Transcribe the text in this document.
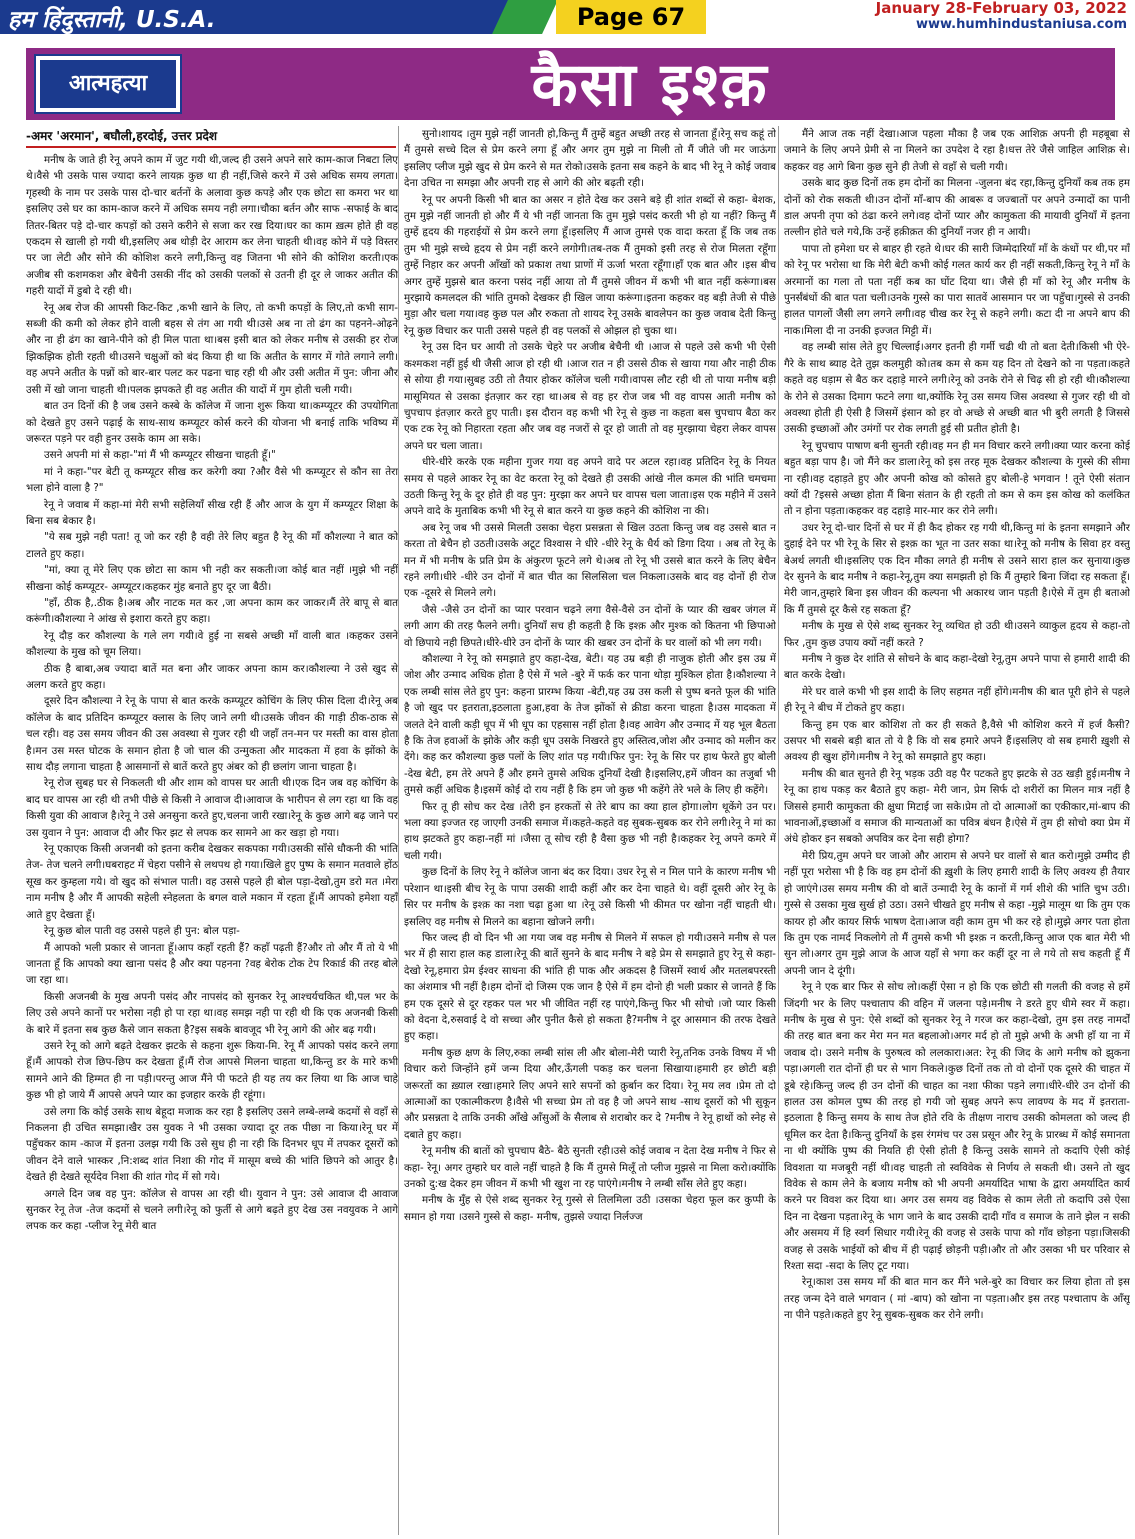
हम हिंदुस्तानी, U.S.A.	Page 67	January 28-February 03, 2022
www.humhindustaniusa.com
आत्महत्या	कैसा इश्क़
-अमर 'अरमान', बघौली,हरदोई, उत्तर प्रदेश

मनीष के जाते ही रेनू अपने काम में जुट गयी थी,जल्द ही उसने अपने सारे काम-काज निबटा लिए थे।वैसे भी उसके पास ज्यादा करने लायक़ कुछ था ही नहीं,जिसे करने में उसे अधिक समय लगता।गृहस्थी के नाम पर उसके पास दो-चार बर्तनों के अलावा कुछ कपड़े और एक छोटा सा कमरा भर था इसलिए उसे घर का काम-काज करने में अधिक समय नही लगा।चौका बर्तन और साफ -सफाई के बाद तितर-बितर पड़े दो-चार कपड़ों को उसने करीने से सजा कर रख दिया।घर का काम ख़त्म होते ही वह एकदम से खाली हो गयी थी,इसलिए अब थोड़ी देर आराम कर लेना चाहती थी।वह कोने में पड़े विस्तर पर जा लेटी और सोने की कोशिश करने लगी,किन्तु वह जितना भी सोने की कोशिश करती।एक अजीब सी कशमकश और बेचैनी उसकी नींद को उसकी पलकों से उतनी ही दूर ले जाकर अतीत की गहरी यादों में डुबो दे रही थी।

रेनू अब रोज की आपसी किट-किट ,कभी खाने के लिए, तो कभी कपड़ों के लिए,तो कभी साग-सब्जी की कमी को लेकर होने वाली बहस से तंग आ गयी थी।उसे अब ना तो ढंग का पहनने-ओढ़ने और ना ही ढंग का खाने-पीने को ही मिल पाता था।बस इसी बात को लेकर मनीष से उसकी हर रोज झिकझिक होती रहती थी।उसने चक्षुओं को बंद किया ही था कि अतीत के सागर में गोते लगाने लगी।वह अपने अतीत के पन्नों को बार-बार पलट कर पढना चाह रही थी और उसी अतीत में पुन: जीना और उसी में खो जाना चाहती थी।पलक झपकते ही वह अतीत की यादों में गुम होती चली गयी।

बात उन दिनों की है जब उसने कस्बे के कॉलेज में जाना शुरू किया था।कम्प्यूटर की उपयोगिता को देखते हुए उसने पढ़ाई के साथ-साथ कम्प्यूटर कोर्स करने की योजना भी बनाई ताकि भविष्य में जरूरत पड़ने पर वही हुनर उसके काम आ सके।

उसने अपनी मां से कहा-"मां मैं भी कम्प्यूटर सीखना चाहती हूँ।"

मां ने कहा-"पर बेटी तू कम्प्यूटर सीख कर करेगी क्या ?और वैसे भी कम्प्यूटर से कौन सा तेरा भला होने वाला है ?"

रेनू ने जवाब में कहा-मां मेरी सभी सहेलियाँ सीख रही हैं और आज के युग में कम्प्यूटर शिक्षा के बिना सब बेकार है।

"ये सब मुझे नही पता! तू जो कर रही है वही तेरे लिए बहुत है रेनू की माँ कौशल्या ने बात को टालते हुए कहा।

"मां, क्या तू मेरे लिए एक छोटा सा काम भी नही कर सकती।जा कोई बात नहीं ।मुझे भी नहीं सीखना कोई कम्प्यूटर- अम्प्यूटर।कहकर मुंह बनाते हुए दूर जा बैठी।

"हाँ, ठीक है,.ठीक है।अब और नाटक मत कर ,जा अपना काम कर जाकर।मैं तेरे बापू से बात करूंगी।कौशल्या ने आंख से इशारा करते हुए कहा।

रेनू दौड़ कर कौशल्या के गले लग गयी।वे हुई ना सबसे अच्छी माँ वाली बात ।कहकर उसने कौशल्या के मुख को चूम लिया।

ठीक है बाबा,अब ज्यादा बातें मत बना और जाकर अपना काम कर।कौशल्या ने उसे खुद से अलग करते हुए कहा।

दूसरे दिन कौशल्या ने रेनू के पापा से बात करके कम्प्यूटर कोचिंग के लिए फीस दिला दी।रेनू अब कॉलेज के बाद प्रतिदिन कम्प्यूटर क्लास के लिए जाने लगी थी।उसके जीवन की गाड़ी ठीक-ठाक से चल रही। वह उस समय जीवन की उस अवस्था से गुजर रही थी जहाँ तन-मन पर मस्ती का वास होता है।मन उस मस्त घोटक के समान होता है जो चाल की उन्मुकता और मादकता में हवा के झोंको के साथ दौड़ लगाना चाहता है आसमानों से बातें करते हुए अंबर को ही छलांग जाना चाहता है।

रेनू रोज सुबह घर से निकलती थी और शाम को वापस घर आती थी।एक दिन जब वह कोचिंग के बाद घर वापस आ रही थी तभी पीछे से किसी ने आवाज दी।आवाज के भारीपन से लग रहा था कि वह किसी युवा की आवाज है।रेनू ने उसे अनसुना करते हुए,चलना जारी रखा।रेनू के कुछ आगे बढ़ जाने पर उस युवान ने पुन: आवाज दी और फिर झट से लपक कर सामने आ कर खड़ा हो गया।

रेनू एकाएक किसी अजनबी को इतना करीब देखकर सकपका गयी।उसकी साँसे धौकनी की भांति तेज- तेज चलने लगी।घबराहट में चेहरा पसीने से लथपथ हो गया।खिले हुए पुष्प के समान मतवाले होंठ सूख कर कुम्हला गये। वो खुद को संभाल पाती। वह उससे पहले ही बोल पड़ा-देखो,तुम डरो मत ।मेरा नाम मनीष है और मैं आपकी सहेली स्नेहलता के बगल वाले मकान में रहता हूँ।मैं आपको हमेशा यहाँ आते हुए देखता हूँ।

रेनू कुछ बोल पाती वह उससे पहले ही पुन: बोल पड़ा-

मैं आपको भली प्रकार से जानता हूँ।आप कहाँ रहती हैं? कहाँ पढ़ती हैं?और तो और मैं तो ये भी जानता हूँ कि आपको क्या खाना पसंद है और क्या पहनना ?वह बेरोक टोक टेप रिकार्ड की तरह बोले जा रहा था।

किसी अजनबी के मुख अपनी पसंद और नापसंद को सुनकर रेनू आश्चर्यचकित थी,पल भर के लिए उसे अपने कानों पर भरोसा नही हो पा रहा था।वह समझ नही पा रही थी कि एक अजनबी किसी के बारे में इतना सब कुछ कैसे जान सकता है?इस सबके बावजूद भी रेनू आगे की ओर बढ़ गयी।

उसने रेनू को आगे बढ़ते देखकर झटके से कहना शुरू किया-मि. रेनू मैं आपको पसंद करने लगा हूँ।मैं आपको रोज छिप-छिप कर देखता हूँ।मैं रोज आपसे मिलना चाहता था,किन्तु डर के मारे कभी सामने आने की हिम्मत ही ना पड़ी।परन्तु आज मैंने पी फटते ही यह तय कर लिया था कि आज चाहे कुछ भी हो जाये मैं आपसे अपने प्यार का इजहार करके ही रहूंगा।

उसे लगा कि कोई उसके साथ बेहूदा मजाक कर रहा है इसलिए उसने लम्बे-लम्बे कदमों से वहाँ से निकलना ही उचित समझा।खैर उस युवक ने भी उसका ज्यादा दूर तक पीछा ना किया।रेनू घर में पहुँचकर काम -काज में इतना उलझ गयी कि उसे सुध ही ना रही कि दिनभर धूप में तपकर दूसरों को जीवन देने वाले भास्कर ,नि:शब्द शांत निशा की गोद में मासूम बच्चे की भांति छिपने को आतुर है।देखते ही देखते सूर्यदेव निशा की शांत गोद में सो गये।

अगले दिन जब वह पुन: कॉलेज से वापस आ रही थी। युवान ने पुन: उसे आवाज दी आवाज सुनकर रेनू तेज -तेज कदमों से चलने लगी।रेनू को फुर्ती से आगे बढ़ते हुए देख उस नवयुवक ने आगे लपक कर कहा -प्लीज रेनू मेरी बात

सुनो।शायद ।तुम मुझे नहीं जानती हो,किन्तु मैं तुम्हें बहुत अच्छी तरह से जानता हूँ।रेनू सच कहूं तो मैं तुमसे सच्चे दिल से प्रेम करने लगा हूँ और अगर तुम मुझे ना मिली तो मैं जीते जी मर जाऊंगा इसलिए प्लीज मुझे खुद से प्रेम करने से मत रोको।उसके इतना सब कहने के बाद भी रेनू ने कोई जवाब देना उचित ना समझा और अपनी राह से आगे की ओर बढ़ती रही।

रेनू पर अपनी किसी भी बात का असर न होते देख कर उसने बड़े ही शांत शब्दों से कहा- बेशक, तुम मुझे नहीं जानती हो और मैं ये भी नहीं जानता कि तुम मुझे पसंद करती भी हो या नहीं? किन्तु मैं तुम्हें हृदय की गहराईयों से प्रेम करने लगा हूँ।इसलिए मैं आज तुमसे एक वादा करता हूँ कि जब तक तुम भी मुझे सच्चे हृदय से प्रेम नहीं करने लगोगी।तब-तक मैं तुमको इसी तरह से रोज मिलता रहूँगा तुम्हें निहार कर अपनी आँखों को प्रकाश तथा प्राणों में ऊर्जा भरता रहूँगा।हाँ एक बात और ।इस बीच अगर तुम्हें मुझसे बात करना पसंद नहीं आया तो मैं तुमसे जीवन में कभी भी बात नहीं करूंगा।बस मुरझाये कमलदल की भांति तुमको देखकर ही खिल जाया करूंगा।इतना कहकर वह बड़ी तेजी से पीछे मुड़ा और चला गया।वह कुछ पल और रुकता तो शायद रेनू उसके बावलेपन का कुछ जवाब देती किन्तु रेनू कुछ विचार कर पाती उससे पहले ही वह पलकों से ओझल हो चुका था।

रेनू उस दिन घर आयी तो उसके चेहरे पर अजीब बेचैनी थी ।आज से पहले उसे कभी भी ऐसी कश्मकश नहीं हुई थी जैसी आज हो रही थी ।आज रात न ही उससे ठीक से खाया गया और नाही ठीक से सोया ही गया।सुबह उठी तो तैयार होकर कॉलेज चली गयी।वापस लौट रही थी तो पाया मनीष बड़ी मासूमियत से उसका इंतज़ार कर रहा था।अब से वह हर रोज जब भी वह वापस आती मनीष को चुपचाप इंतज़ार करते हुए पाती। इस दौरान वह कभी भी रेनू से कुछ ना कहता बस चुपचाप बैठा कर एक टक रेनू को निहारता रहता और जब वह नजरों से दूर हो जाती तो वह मुरझाया चेहरा लेकर वापस अपने घर चला जाता।

धीरे-धीरे करके एक महीना गुजर गया वह अपने वादे पर अटल रहा।वह प्रतिदिन रेनू के नियत समय से पहले आकर रेनू का वेट करता रेनू को देखते ही उसकी आंखे नील कमल की भांति चमचमा उठती किन्तु रेनू के दूर होते ही वह पुन: मुरझा कर अपने घर वापस चला जाता।इस एक महीने में उसने अपने वादे के मुताबिक कभी भी रेनू से बात करने या कुछ कहने की कोशिश ना की।

अब रेनू जब भी उससे मिलती उसका चेहरा प्रसन्नता से खिल उठता किन्तु जब वह उससे बात न करता तो बेचैन हो उठती।उसके अटूट विश्वास ने धीरे -धीरे रेनू के धैर्य को डिगा दिया । अब तो रेनू के मन में भी मनीष के प्रति प्रेम के अंकुरण फूटने लगे थे।अब तो रेनू भी उससे बात करने के लिए बेचैन रहने लगी।धीरे -धीरे उन दोनों में बात चीत का सिलसिला चल निकला।उसके बाद वह दोनों ही रोज एक -दूसरे से मिलने लगे।

जैसे -जैसे उन दोनों का प्यार परवान चढ़ने लगा वैसे-वैसे उन दोनों के प्यार की खबर जंगल में लगी आग की तरह फैलने लगी। दुनियाँ सच ही कहती है कि इश्क़ और मुश्क को कितना भी छिपाओ वो छिपाये नही छिपते।धीरे-धीरे उन दोनों के प्यार की खबर उन दोनों के घर वालों को भी लग गयी।

कौशल्या ने रेनू को समझाते हुए कहा-देख, बेटी। यह उम्र बड़ी ही नाजुक होती और इस उम्र में जोश और उन्माद अधिक होता है ऐसे में भले -बुरे में फर्क कर पाना थोड़ा मुश्किल होता है।कौशल्या ने एक लम्बी सांस लेते हुए पुन: कहना प्रारम्भ किया -बेटी,यह उम्र उस कली से पुष्प बनते फूल की भांति है जो खुद पर इतराता,इठलाता हुआ,हवा के तेज झोंकों से क्रीडा करना चाहता है।उस मादकता में जलते देने वाली कड़ी धूप में भी धूप का एहसास नहीं होता है।वह आवेग और उन्माद में यह भूल बैठता है कि तेज हवाओं के झोके और कड़ी धूप उसके निखरते हुए अस्तित्व,जोश और उन्माद को मलीन कर देंगे। कह कर कौशल्या कुछ पलों के लिए शांत पड़ गयी।फिर पुन: रेनू के सिर पर हाथ फेरते हुए बोली -देख बेटी, हम तेरे अपने हैं और हमने तुमसे अधिक दुनियाँ देखी है।इसलिए,हमें जीवन का तजुर्बा भी तुमसे कहीं अधिक है।इसमें कोई दो राय नहीं है कि हम जो कुछ भी कहेंगे तेरे भले के लिए ही कहेंगे।

फिर तू ही सोच कर देख ।तेरी इन हरकतों से तेरे बाप का क्या हाल होगा।लोग थूकेंगे उन पर। भला क्या इज्जत रह जाएगी उनकी समाज में।कहते-कहते वह सुबक-सुबक कर रोने लगी।रेनू ने मां का हाथ झटकते हुए कहा-नहीं मां ।जैसा तू सोच रही है वैसा कुछ भी नही है।कहकर रेनू अपने कमरे में चली गयी।

कुछ दिनों के लिए रेनू ने कॉलेज जाना बंद कर दिया। उधर रेनू से न मिल पाने के कारण मनीष भी परेशान था।इसी बीच रेनू के पापा उसकी शादी कहीं और कर देना चाहते थे। वहीं दूसरी ओर रेनू के सिर पर मनीष के इश्क़ का नशा चढ़ा हुआ था ।रेनू उसे किसी भी कीमत पर खोना नहीं चाहती थी।इसलिए वह मनीष से मिलने का बहाना खोजने लगी।

फिर जल्द ही वो दिन भी आ गया जब वह मनीष से मिलने में सफल हो गयी।उसने मनीष से पल भर में ही सारा हाल कह डाला।रेनू की बातें सुनने के बाद मनीष ने बड़े प्रेम से समझाते हुए रेनू से कहा-देखो रेनू,हमारा प्रेम ईश्वर साधना की भांति ही पाक और अकदस है जिसमें स्वार्थ और मतलबपरस्ती का अंशमात्र भी नहीं है।हम दोनों दो जिस्म एक जान है ऐसे में हम दोनो ही भली प्रकार से जानते हैं कि हम एक दूसरे से दूर रहकर पल भर भी जीवित नहीं रह पाएंगे,किन्तु फिर भी सोचो ।जो प्यार किसी को वेदना दे,रुसवाई दे वो सच्चा और पुनीत कैसे हो सकता है?मनीष ने दूर आसमान की तरफ देखते हुए कहा।

मनीष कुछ क्षण के लिए,रुका लम्बी सांस ली और बोला-मेरी प्यारी रेनू,तनिक उनके विषय में भी विचार करो जिन्होंने हमें जन्म दिया और,ऊँगली पकड़ कर चलना सिखाया।हमारी हर छोटी बड़ी जरूरतों का ख़्याल रखा।हमारे लिए अपने सारे सपनों को क़ुर्बान कर दिया। रेनू मय लव ।प्रेम तो दो आत्माओं का एकात्मीकरण है।वैसे भी सच्चा प्रेम तो वह है जो अपने साथ -साथ दूसरों को भी सुकून और प्रसन्नता दे ताकि उनकी आँखे आँसुओं के सैलाब से शराबोर कर दे ?मनीष ने रेनू हाथों को स्नेह से दबाते हुए कहा।

रेनू मनीष की बातों को चुपचाप बैठे- बैठे सुनती रही।उसे कोई जवाब न देता देख मनीष ने फिर से कहा- रेनू। अगर तुम्हारे घर वाले नहीं चाहते है कि मैं तुमसे मिलूँ तो प्लीज मुझसे ना मिला करो।क्योंकि उनको दु:ख देकर हम जीवन में कभी भी खुश ना रह पाएंगे।मनीष ने लम्बी साँस लेते हुए कहा।

मनीष के मुँह से ऐसे शब्द सुनकर रेनू गुस्से से तिलमिला उठी ।उसका चेहरा फूल कर कुप्पी के समान हो गया ।उसने गुस्से से कहा- मनीष, तुझसे ज्यादा निर्लज्ज

मैंने आज तक नहीं देखा।आज पहला मौका है जब एक आशिक़ अपनी ही महबूबा से जमाने के लिए अपने प्रेमी से ना मिलने का उपदेश दे रहा है।धत्त तेरे जैसे जाहिल आशिक़ से।कहकर वह आगे बिना कुछ सुने ही तेजी से वहाँ से चली गयी।

उसके बाद कुछ दिनों तक हम दोनों का मिलना -जुलना बंद रहा,किन्तु दुनियाँ कब तक हम दोनों को रोक सकती थी।उन दोनों माँ-बाप की आबरू व जज्बातों पर अपने उन्मादों का पानी डाल अपनी तृपा को ठंढा करने लगे।वह दोनों प्यार और कामुकता की मायावी दुनियाँ में इतना तल्लीन होते चले गये,कि उन्हें हक़ीक़त की दुनियाँ नजर ही न आयी।

पापा तो हमेशा घर से बाहर ही रहते थे।घर की सारी जिम्मेदारियाँ माँ के कंधों पर थी,पर माँ को रेनू पर भरोसा था कि मेरी बेटी कभी कोई गलत कार्य कर ही नहीं सकती,किन्तु रेनू ने माँ के अरमानों का गला तो पता नहीं कब का घोंट दिया था। जैसे ही माँ को रेनू और मनीष के पुनर्संबंधों की बात पता चली।उनके गुस्से का पारा सातवें आसमान पर जा पहुँचा।गुस्से से उनकी हालत पागलों जैसी लग लगने लगी।वह चीख कर रेनू से कहने लगी। कटा दी ना अपने बाप की नाक।मिला दी ना उनकी इज्जत मिट्टी में।

वह लम्बी सांस लेते हुए चिल्लाई।अगर इतनी ही गर्मी चढी थी तो बता देती।किसी भी ऐरे-गैरे के साथ ब्याह देते तुझ कलमुही को।तब कम से कम यह दिन तो देखने को ना पड़ता।कहते कहते वह धड़ाम से बैठ कर दहाड़े मारने लगी।रेनू को उनके रोने से चिढ़ सी हो रही थी।कौशल्या के रोने से उसका दिमाग फटने लगा था,क्योंकि रेनू उस समय जिस अवस्था से गुजर रही थी वो अवस्था होती ही ऐसी है जिसमें इंसान को हर वो अच्छे से अच्छी बात भी बुरी लगती है जिससे उसकी इच्छाओं और उमंगों पर रोक लगती हुई सी प्रतीत होती है।

रेनू चुपचाप पाषाण बनी सुनती रही।वह मन ही मन विचार करने लगी।क्या प्यार करना कोई बहुत बड़ा पाप है। जो मैंने कर डाला।रेनू को इस तरह मूक देखकर कौशल्या के गुस्से की सीमा ना रही।वह दहाड़ते हुए और अपनी कोख को कोसते हुए बोली-हे भगवान ! तूने ऐसी संतान क्यों दी ?इससे अच्छा होता मैं बिना संतान के ही रहती तो कम से कम इस कोख को कलंकित तो न होना पड़ता।कहकर वह दहाड़े मार-मार कर रोने लगी।

उधर रेनू दो-चार दिनों से घर में ही कैद होकर रह गयी थी,किन्तु मां के इतना समझाने और दुहाई देने पर भी रेनू के सिर से इश्क़ का भूत ना उतर सका था।रेनू को मनीष के सिवा हर वस्तु बेअर्थ लगती थी।इसलिए एक दिन मौका लगते ही मनीष से उसने सारा हाल कर सुनाया।कुछ देर सुनने के बाद मनीष ने कहा-रेनू,तुम क्या समझती हो कि मैं तुम्हारे बिना जिंदा रह सकता हूँ।मेरी जान,तुम्हारे बिना इस जीवन की कल्पना भी अकारथ जान पड़ती है।ऐसे में तुम ही बताओ कि मैं तुमसे दूर कैसे रह सकता हूँ?

मनीष के मुख से ऐसे शब्द सुनकर रेनू व्यथित हो उठी थी।उसने व्याकुल हृदय से कहा-तो फिर ,तुम कुछ उपाय क्यों नहीं करते ?

मनीष ने कुछ देर शांति से सोचने के बाद कहा-देखो रेनू,तुम अपने पापा से हमारी शादी की बात करके देखो।

मेरे घर वाले कभी भी इस शादी के लिए सहमत नहीं होंगे।मनीष की बात पूरी होने से पहले ही रेनू ने बीच में टोकते हुए कहा।

किन्तु हम एक बार कोशिश तो कर ही सकते है,वैसे भी कोशिश करने में हर्ज कैसी? उसपर भी सबसे बड़ी बात तो ये है कि वो सब हमारे अपने हैं।इसलिए वो सब हमारी ख़ुशी से अवश्य ही खुश होंगे।मनीष ने रेनू को समझाते हुए कहा।

मनीष की बात सुनते ही रेनू भड़क उठी वह पैर पटकते हुए झटके से उठ खड़ी हुई।मनीष ने रेनू का हाथ पकड़ कर बैठाते हुए कहा- मेरी जान, प्रेम सिर्फ दो शरीरों का मिलन मात्र नहीं है जिससे हमारी कामुकता की क्षुधा मिटाई जा सके।प्रेम तो दो आत्माओं का एकीकार,मां-बाप की भावनाओं,इच्छाओं व समाज की मान्यताओं का पवित्र बंधन है।ऐसे में तुम ही सोचो क्या प्रेम में अंधे होकर इन सबको अपवित्र कर देना सही होगा?

मेरी प्रिय,तुम अपने घर जाओ और आराम से अपने घर वालों से बात करो।मुझे उम्मीद ही नहीं पूरा भरोसा भी है कि वह हम दोनों की ख़ुशी के लिए हमारी शादी के लिए अवश्य ही तैयार हो जाएंगे।उस समय मनीष की वो बातें उन्मादी रेनू के कानों में गर्म शीशे की भांति चुभ उठी।गुस्से से उसका मुख सुर्ख हो उठा। उसने चीखते हुए मनीष से कहा -मुझे मालूम था कि तुम एक कायर हो और कायर सिर्फ भाषण देता।आज वही काम तुम भी कर रहे हो।मुझे अगर पता होता कि तुम एक नामर्द निकलोगे तो मैं तुमसे कभी भी इश्क़ न करती,किन्तु आज एक बात मेरी भी सुन लो।अगर तुम मुझे आज के आज यहाँ से भगा कर कहीं दूर ना ले गये तो सच कहती हूँ मैं अपनी जान दे दूंगी।

रेनू ने एक बार फिर से सोच लो।कहीं ऐसा न हो कि एक छोटी सी गलती की वजह से हमें जिंदगी भर के लिए पश्चाताप की वहिन में जलना पड़े।मनीष ने डरते हुए धीमे स्वर में कहा।मनीष के मुख से पुन: ऐसे शब्दों को सुनकर रेनू ने गरज कर कहा-देखो, तुम इस तरह नामर्दों की तरह बात बना कर मेरा मन मत बहलाओ।अगर मर्द हो तो मुझे अभी के अभी हाँ या ना में जवाब दो। उसने मनीष के पुरुषत्व को ललकारा।अत: रेनू की जिद के आगे मनीष को झुकना पड़ा।अगली रात दोनों ही घर से भाग निकले।कुछ दिनों तक तो वो दोनों एक दूसरे की चाहत में डूबे रहे।किन्तु जल्द ही उन दोनों की चाहत का नशा फीका पड़ने लगा।धीरे-धीरे उन दोनों की हालत उस कोमल पुष्प की तरह हो गयी जो सुबह अपने रूप लावण्य के मद में इतराता- इठलाता है किन्तु समय के साथ तेज होते रवि के तीक्षण नाराच उसकी कोमलता को जल्द ही धूमिल कर देता है।किन्तु दुनियाँ के इस रंगमंच पर उस प्रसून और रेनू के प्रारब्ध में कोई समानता ना थी क्योंकि पुष्प की नियति ही ऐसी होती है किन्तु उसके सामने तो कदापि ऐसी कोई विवशता या मजबूरी नहीं थी।वह चाहती तो स्वविवेक से निर्णय ले सकती थी। उसने तो खुद विवेक से काम लेने के बजाय मनीष को भी अपनी अमर्यादित भाषा के द्वारा अमर्यादित कार्य करने पर विवश कर दिया था। अगर उस समय वह विवेक से काम लेती तो कदापि उसे ऐसा दिन ना देखना पड़ता।रेनू के भाग जाने के बाद उसकी दादी गाँव व समाज के ताने झेल न सकी और असमय में हि स्वर्ग सिधार गयी।रेनू की वजह से उसके पापा को गाँव छोड़ना पड़ा।जिसकी वजह से उसके भाईयों को बीच में ही पढ़ाई छोड़नी पड़ी।और तो और उसका भी घर परिवार से रिश्ता सदा -सदा के लिए टूट गया।

रेनू।काश उस समय माँ की बात मान कर मैंने भले-बुरे का विचार कर लिया होता तो इस तरह जन्म देने वाले भगवान ( मां -बाप) को खोना ना पड़ता।और इस तरह पश्चाताप के आँसू ना पीने पड़ते।कहते हुए रेनू सुबक-सुबक कर रोने लगी।
